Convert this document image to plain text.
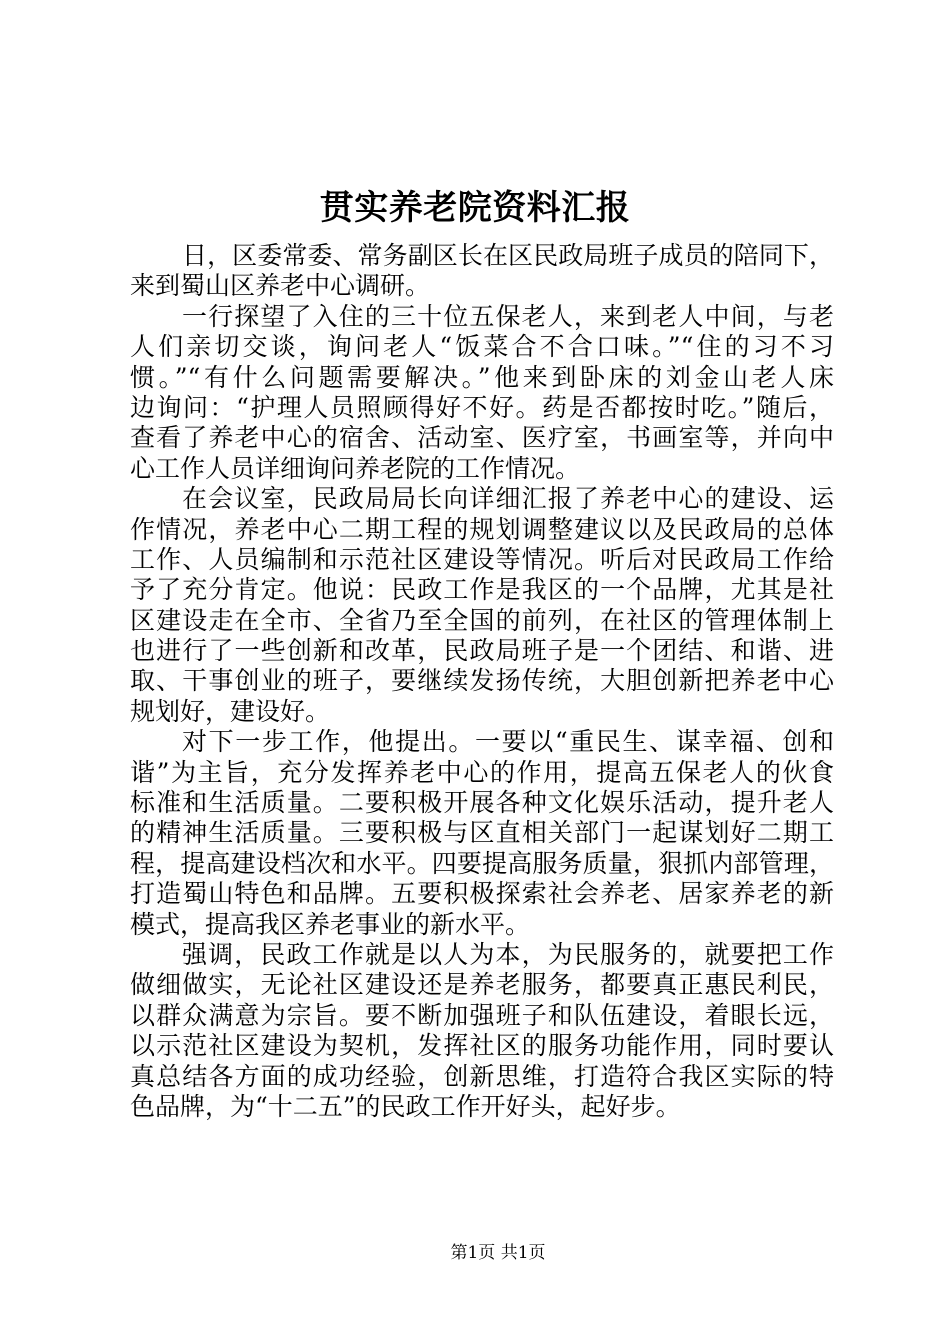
贯实养老院资料汇报
日，区委常委、常务副区长在区民政局班子成员的陪同下，
来到蜀山区养老中心调研。
一行探望了入住的三十位五保老人，来到老人中间，与老
人们亲切交谈，询问老人“饭菜合不合口味。”“住的习不习
惯。”“有什么问题需要解决。”他来到卧床的刘金山老人床
边询问：“护理人员照顾得好不好。药是否都按时吃。”随后，
查看了养老中心的宿舍、活动室、医疗室，书画室等，并向中
心工作人员详细询问养老院的工作情况。
在会议室，民政局局长向详细汇报了养老中心的建设、运
作情况，养老中心二期工程的规划调整建议以及民政局的总体
工作、人员编制和示范社区建设等情况。听后对民政局工作给
予了充分肯定。他说：民政工作是我区的一个品牌，尤其是社
区建设走在全市、全省乃至全国的前列，在社区的管理体制上
也进行了一些创新和改革，民政局班子是一个团结、和谐、进
取、干事创业的班子，要继续发扬传统，大胆创新把养老中心
规划好，建设好。
对下一步工作，他提出。一要以“重民生、谋幸福、创和
谐”为主旨，充分发挥养老中心的作用，提高五保老人的伙食
标准和生活质量。二要积极开展各种文化娱乐活动，提升老人
的精神生活质量。三要积极与区直相关部门一起谋划好二期工
程，提高建设档次和水平。四要提高服务质量，狠抓内部管理，
打造蜀山特色和品牌。五要积极探索社会养老、居家养老的新
模式，提高我区养老事业的新水平。
强调，民政工作就是以人为本，为民服务的，就要把工作
做细做实，无论社区建设还是养老服务，都要真正惠民利民，
以群众满意为宗旨。要不断加强班子和队伍建设，着眼长远，
以示范社区建设为契机，发挥社区的服务功能作用，同时要认
真总结各方面的成功经验，创新思维，打造符合我区实际的特
色品牌，为“十二五”的民政工作开好头，起好步。
第1页 共1页
